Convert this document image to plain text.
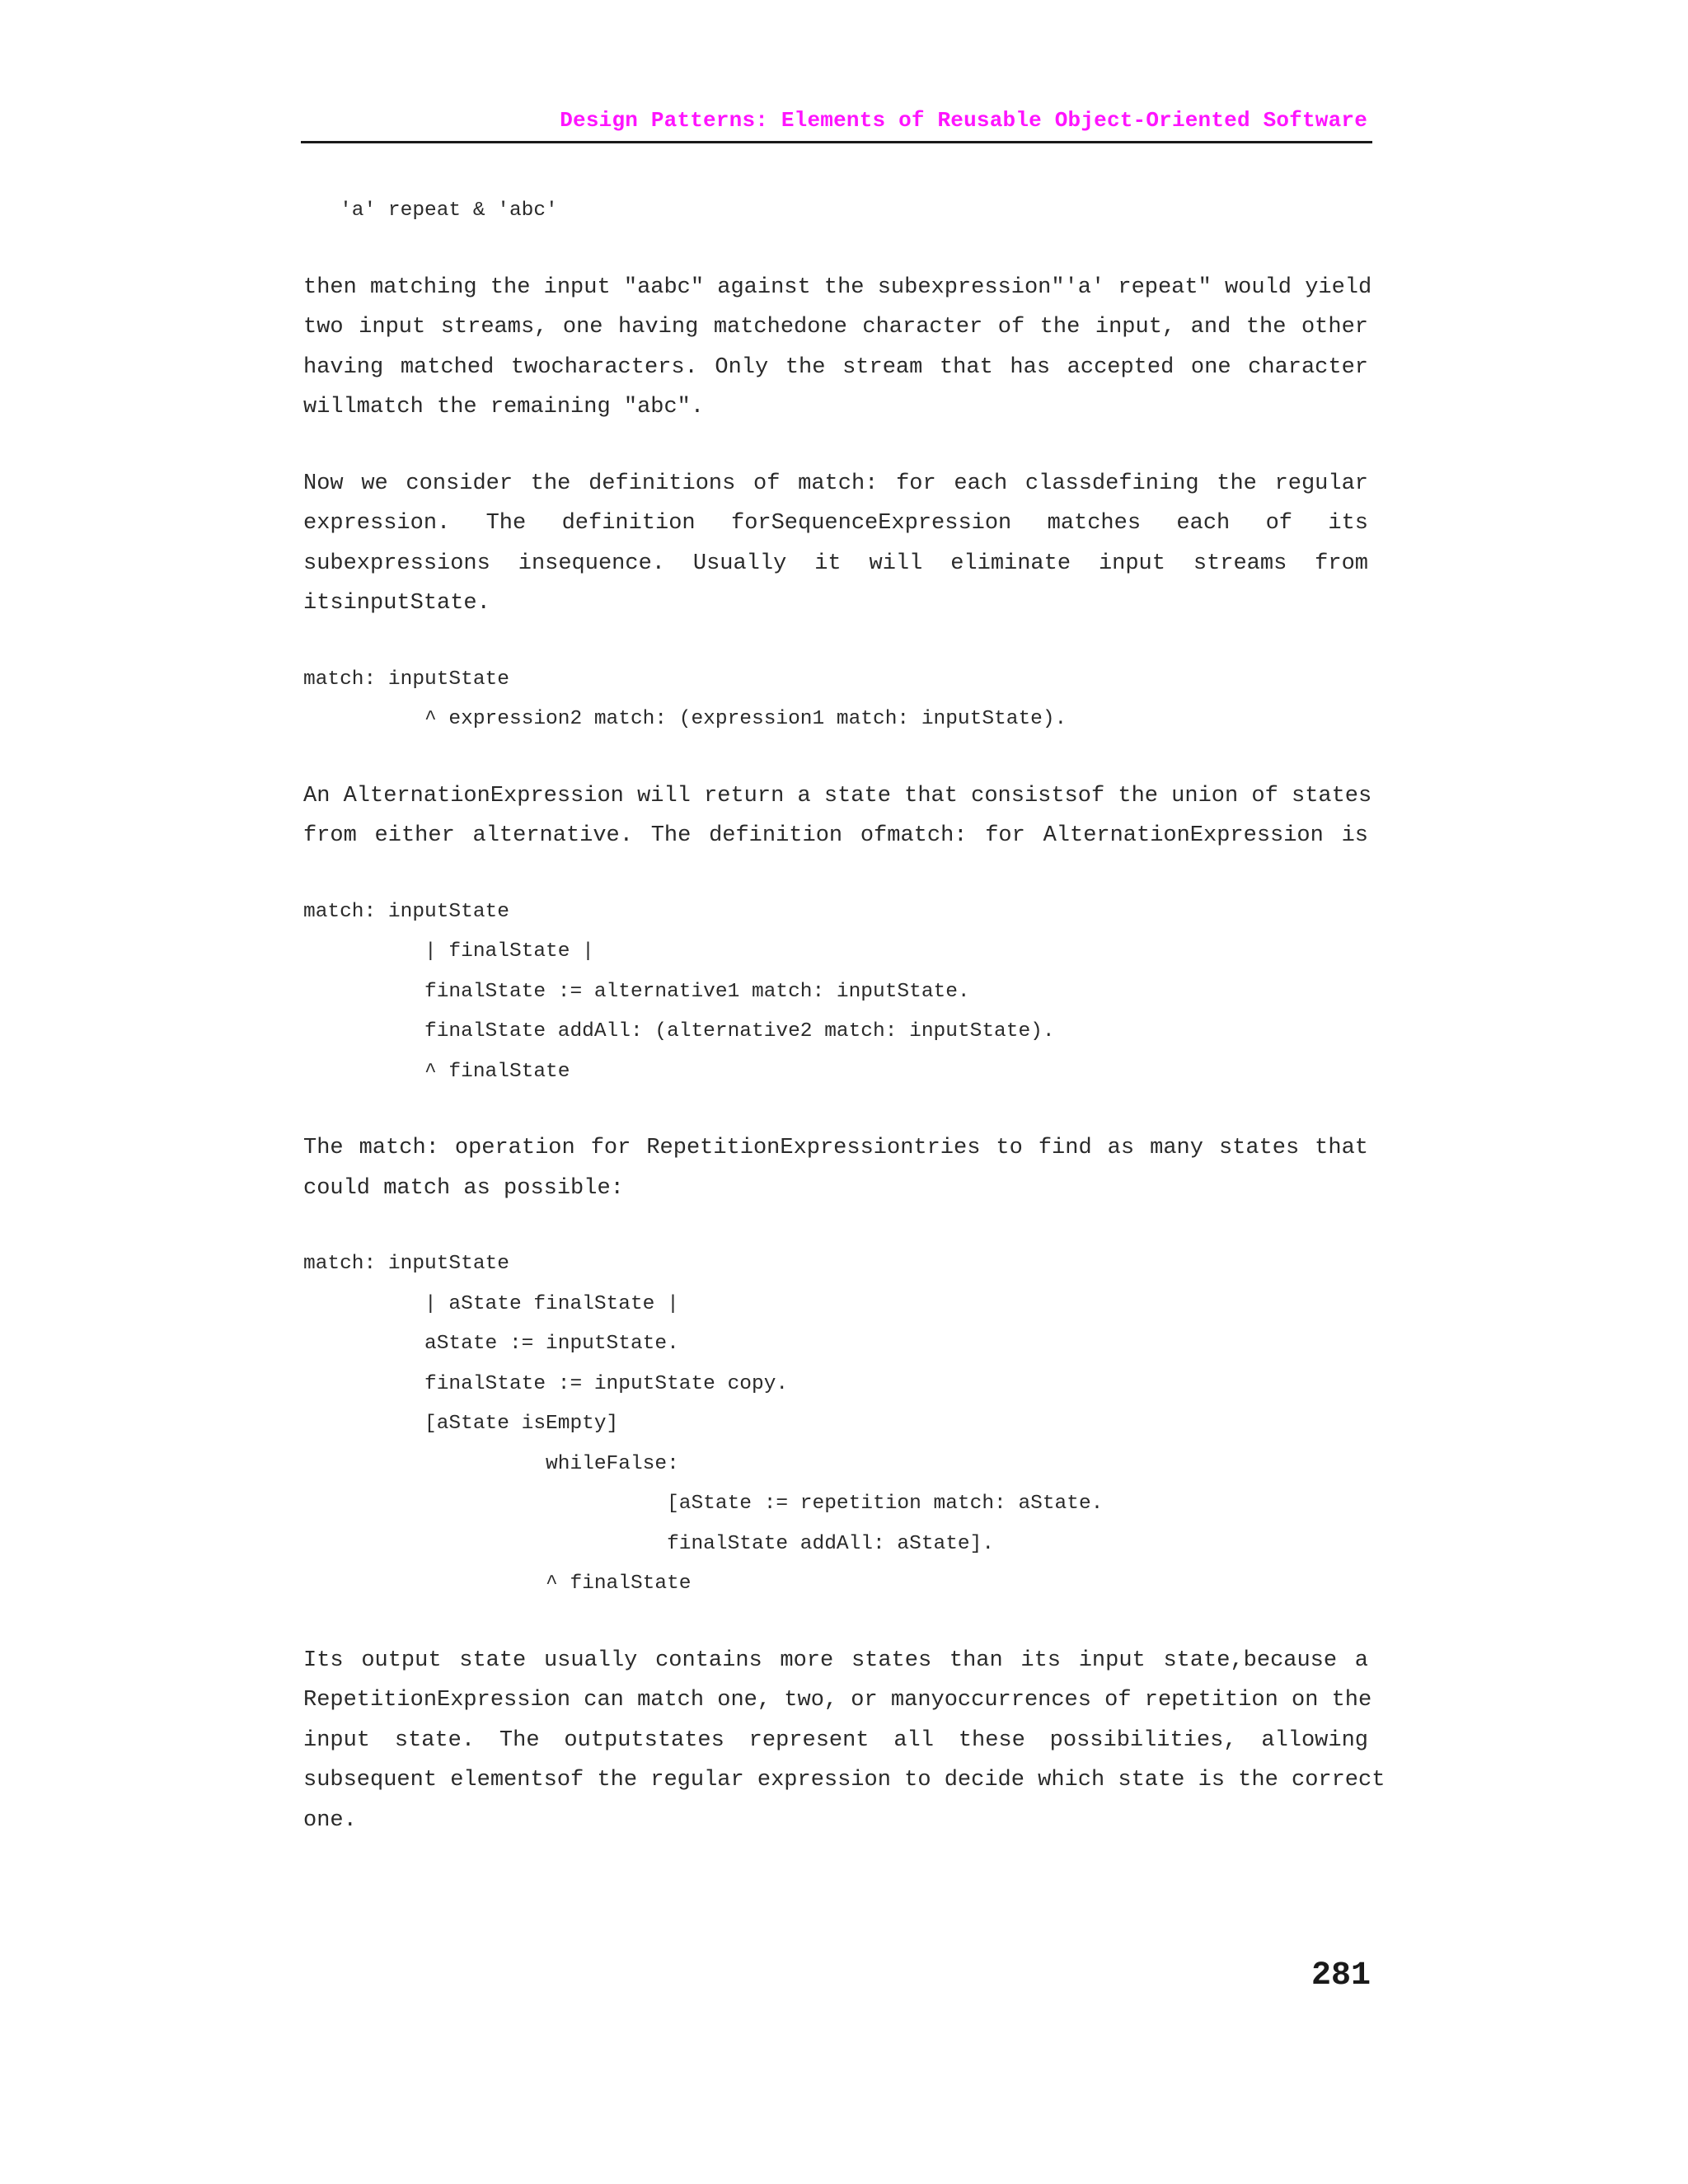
Design Patterns: Elements of Reusable Object-Oriented Software
'a' repeat & 'abc'

then matching the input "aabc" against the subexpression"'a' repeat" would yield
two input streams, one having matchedone character of the input, and the other
having matched twocharacters. Only the stream that has accepted one character
willmatch the remaining "abc".

Now we consider the definitions of match: for each classdefining the regular
expression. The definition forSequenceExpression matches each of its
subexpressions insequence. Usually it will eliminate input streams from
itsinputState.

match: inputState
^ expression2 match: (expression1 match: inputState).

An AlternationExpression will return a state that consistsof the union of states
from either alternative. The definition ofmatch: for AlternationExpression is

match: inputState
| finalState |
finalState := alternative1 match: inputState.
finalState addAll: (alternative2 match: inputState).
^ finalState

The match: operation for RepetitionExpressiontries to find as many states that
could match as possible:

match: inputState
| aState finalState |
aState := inputState.
finalState := inputState copy.
[aState isEmpty]
whileFalse:
[aState := repetition match: aState.
finalState addAll: aState].
^ finalState

Its output state usually contains more states than its input state,because a
RepetitionExpression can match one, two, or manyoccurrences of repetition on the
input state. The outputstates represent all these possibilities, allowing
subsequent elementsof the regular expression to decide which state is the correct
one.

281
